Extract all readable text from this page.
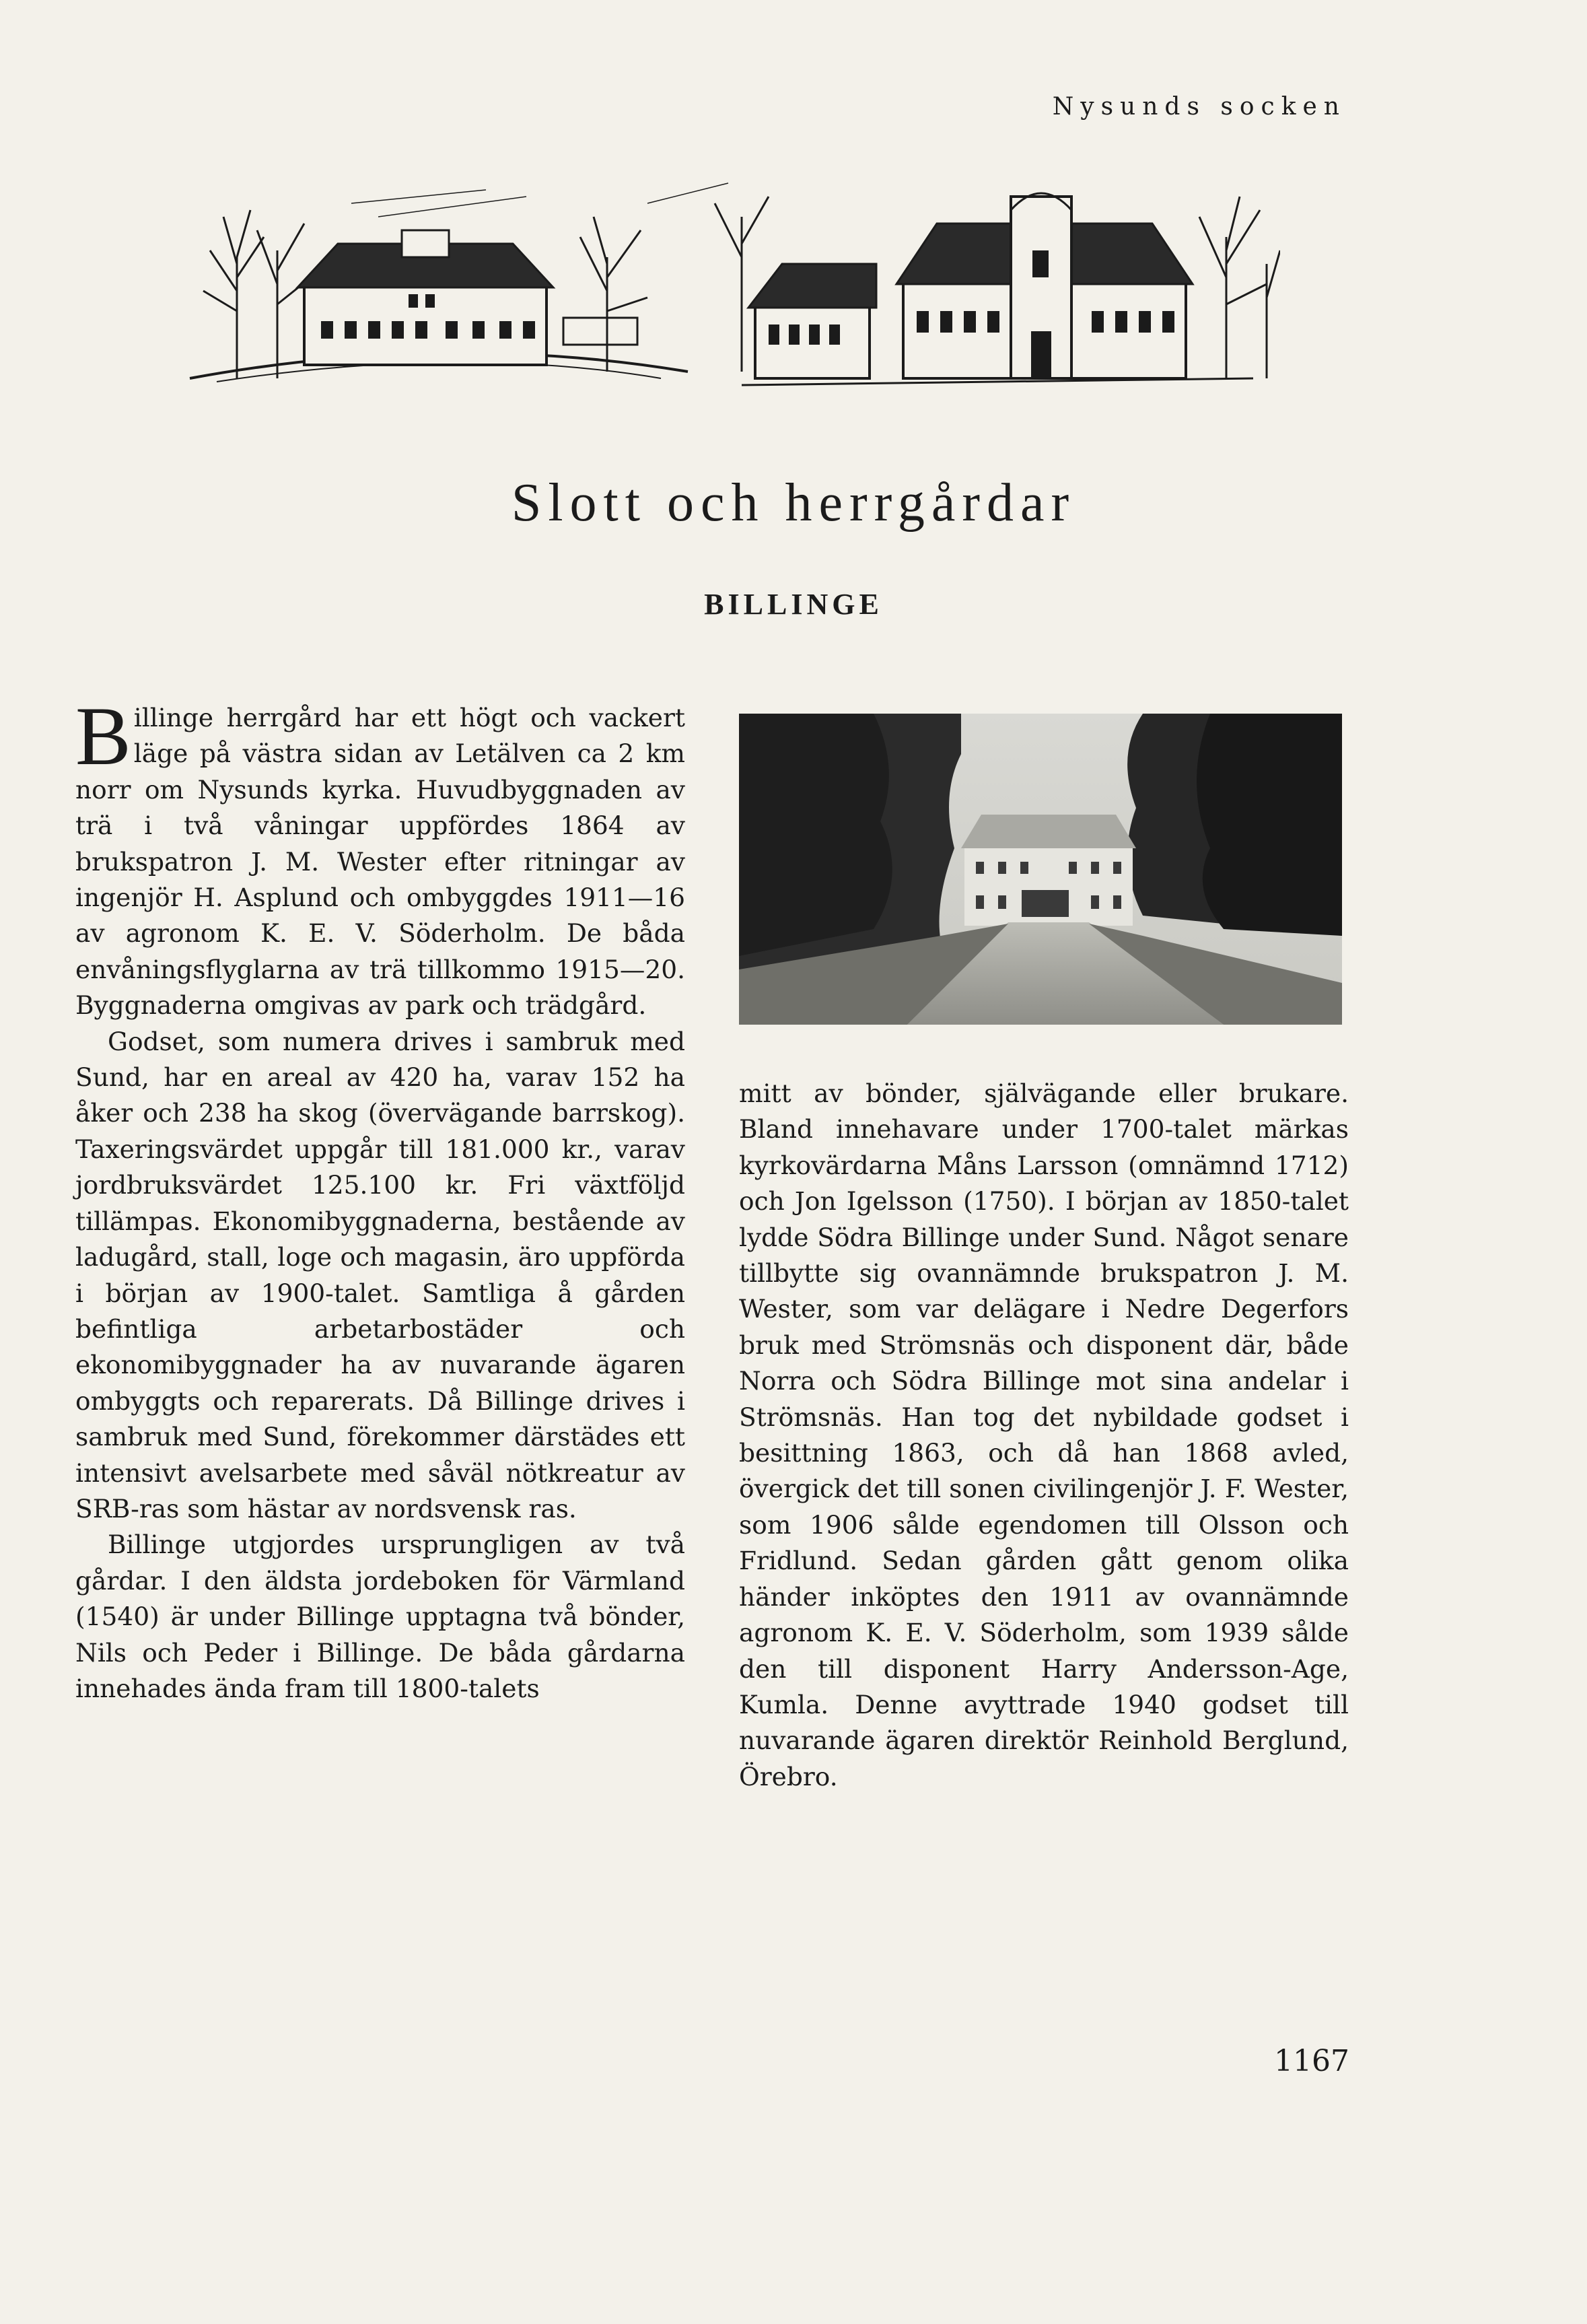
Nysunds socken
Slott och herrgårdar
BILLINGE

Billinge herrgård har ett högt och vackert läge på västra sidan av Letälven ca 2 km norr om Nysunds kyrka. Huvudbyggnaden av trä i två våningar uppfördes 1864 av brukspatron J. M. Wester efter ritningar av ingenjör H. Asplund och ombyggdes 1911—16 av agronom K. E. V. Söderholm. De båda envåningsflyglarna av trä tillkommo 1915—20. Byggnaderna omgivas av park och trädgård.

Godset, som numera drives i sambruk med Sund, har en areal av 420 ha, varav 152 ha åker och 238 ha skog (övervägande barrskog). Taxeringsvärdet uppgår till 181.000 kr., varav jordbruksvärdet 125.100 kr. Fri växtföljd tillämpas. Ekonomibyggnaderna, bestående av ladugård, stall, loge och magasin, äro uppförda i början av 1900-talet. Samtliga å gården befintliga arbetarbostäder och ekonomibyggnader ha av nuvarande ägaren ombyggts och reparerats. Då Billinge drives i sambruk med Sund, förekommer därstädes ett intensivt avelsarbete med såväl nötkreatur av SRB-ras som hästar av nordsvensk ras.

Billinge utgjordes ursprungligen av två gårdar. I den äldsta jordeboken för Värmland (1540) är under Billinge upptagna två bönder, Nils och Peder i Billinge. De båda gårdarna innehades ända fram till 1800-talets

mitt av bönder, självägande eller brukare. Bland innehavare under 1700-talet märkas kyrkovärdarna Måns Larsson (omnämnd 1712) och Jon Igelsson (1750). I början av 1850-talet lydde Södra Billinge under Sund. Något senare tillbytte sig ovannämnde brukspatron J. M. Wester, som var delägare i Nedre Degerfors bruk med Strömsnäs och disponent där, både Norra och Södra Billinge mot sina andelar i Strömsnäs. Han tog det nybildade godset i besittning 1863, och då han 1868 avled, övergick det till sonen civilingenjör J. F. Wester, som 1906 sålde egendomen till Olsson och Fridlund. Sedan gården gått genom olika händer inköptes den 1911 av ovannämnde agronom K. E. V. Söderholm, som 1939 sålde den till disponent Harry Andersson-Age, Kumla. Denne avyttrade 1940 godset till nuvarande ägaren direktör Reinhold Berglund, Örebro.

1167
